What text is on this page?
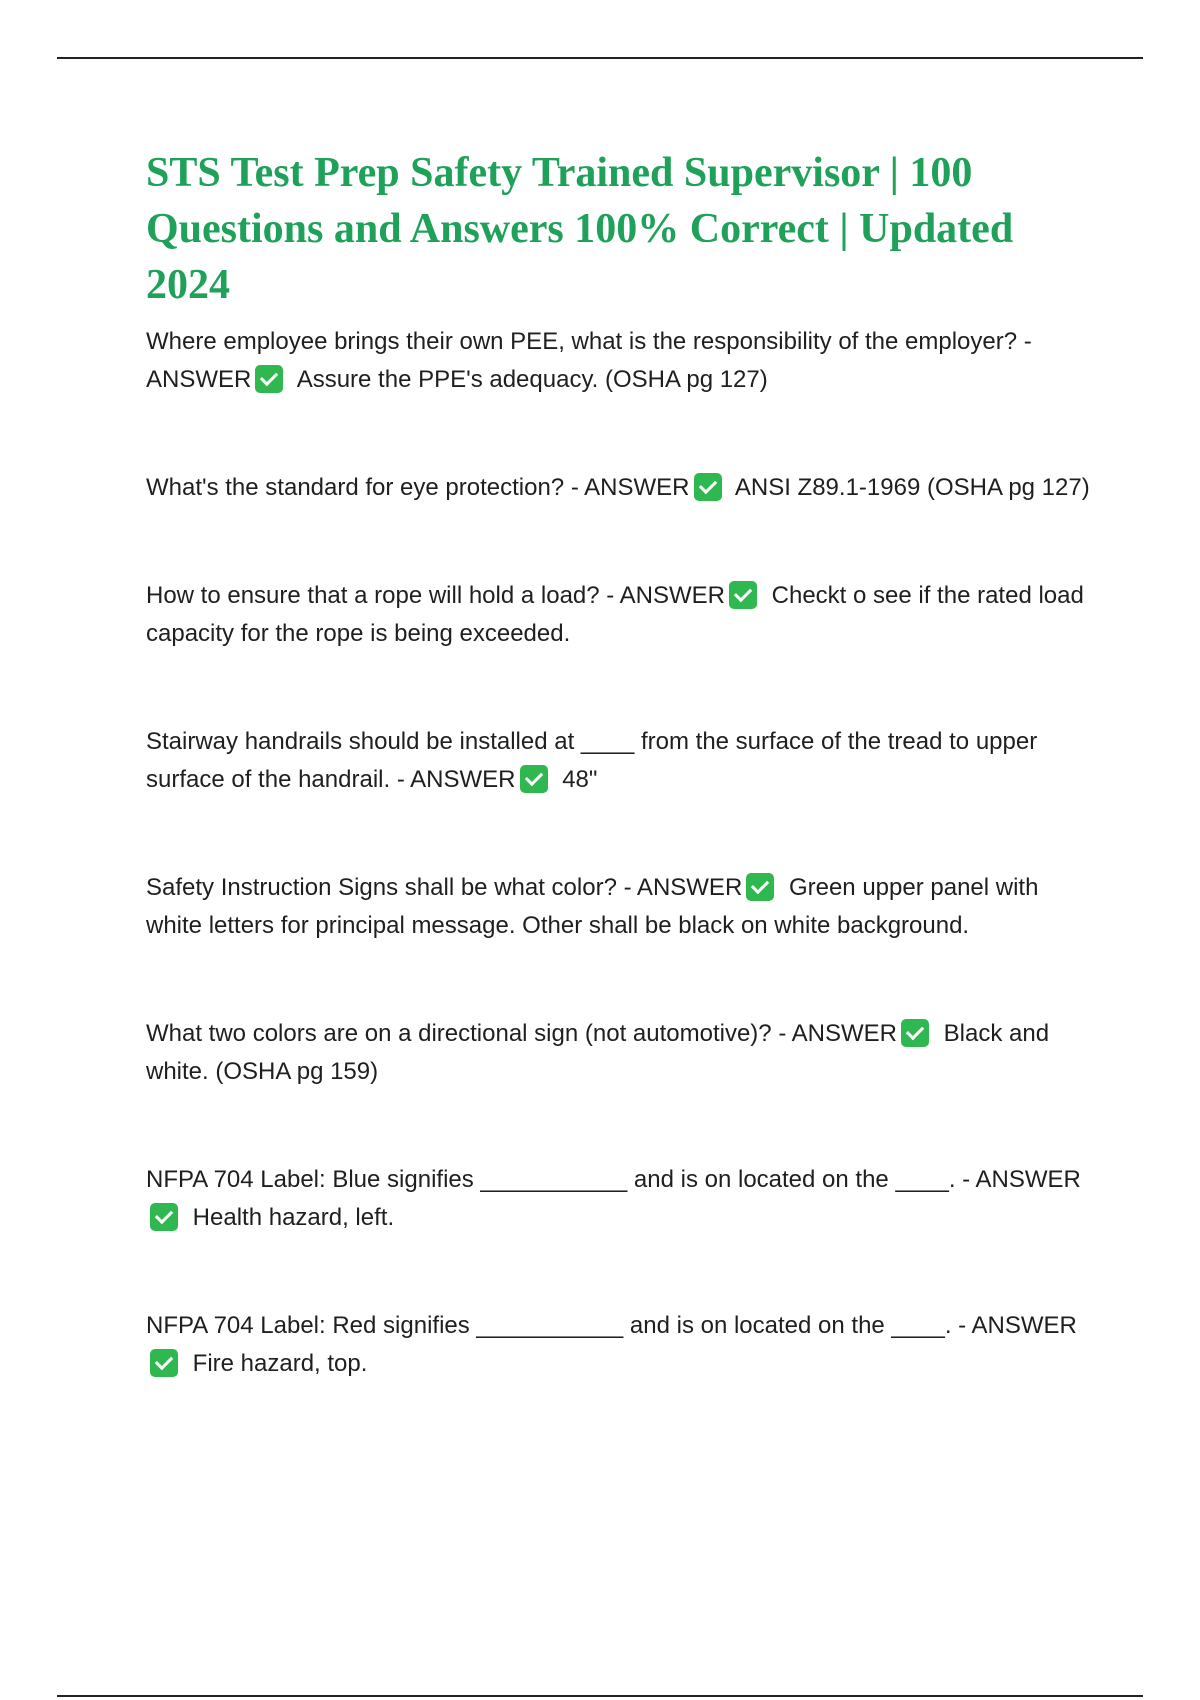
STS Test Prep Safety Trained Supervisor | 100 Questions and Answers 100% Correct | Updated 2024
Where employee brings their own PEE, what is the responsibility of the employer? - ANSWER Assure the PPE's adequacy. (OSHA pg 127)
What's the standard for eye protection? - ANSWER ANSI Z89.1-1969 (OSHA pg 127)
How to ensure that a rope will hold a load? - ANSWER Checkt o see if the rated load capacity for the rope is being exceeded.
Stairway handrails should be installed at ____ from the surface of the tread to upper surface of the handrail. - ANSWER 48"
Safety Instruction Signs shall be what color? - ANSWER Green upper panel with white letters for principal message. Other shall be black on white background.
What two colors are on a directional sign (not automotive)? - ANSWER Black and white. (OSHA pg 159)
NFPA 704 Label: Blue signifies ___________ and is on located on the ____. - ANSWER Health hazard, left.
NFPA 704 Label: Red signifies ___________ and is on located on the ____. - ANSWER Fire hazard, top.
